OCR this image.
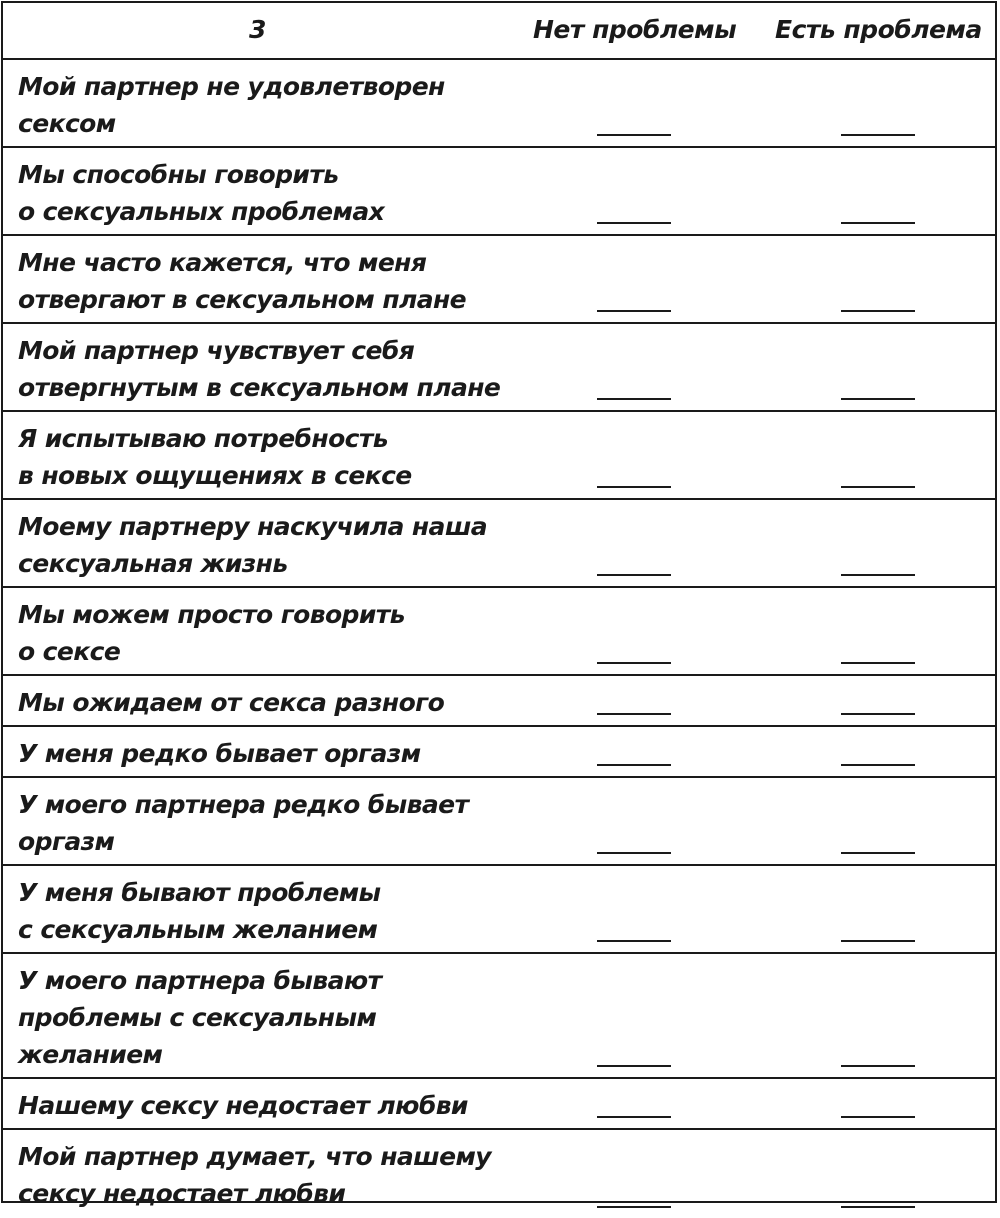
3	Нет проблемы Есть проблема
Мой партнер не удовлетворен
сексом
Мы способны говорить
о сексуальных проблемах
Мне часто кажется, что меня
отвергают в сексуальном плане
Мой партнер чувствует себя
отвергнутым в сексуальном плане
Я испытываю потребность
в новых ощущениях в сексе
Моему партнеру наскучила наша
сексуальная жизнь
Мы можем просто говорить
о сексе
Мы ожидаем от секса разного
У меня редко бывает оргазм
У моего партнера редко бывает
оргазм
У меня бывают проблемы
с сексуальным желанием
У моего партнера бывают
проблемы с сексуальным
желанием
Нашему сексу недостает любви
Мой партнер думает, что нашему
сексу недостает любви
